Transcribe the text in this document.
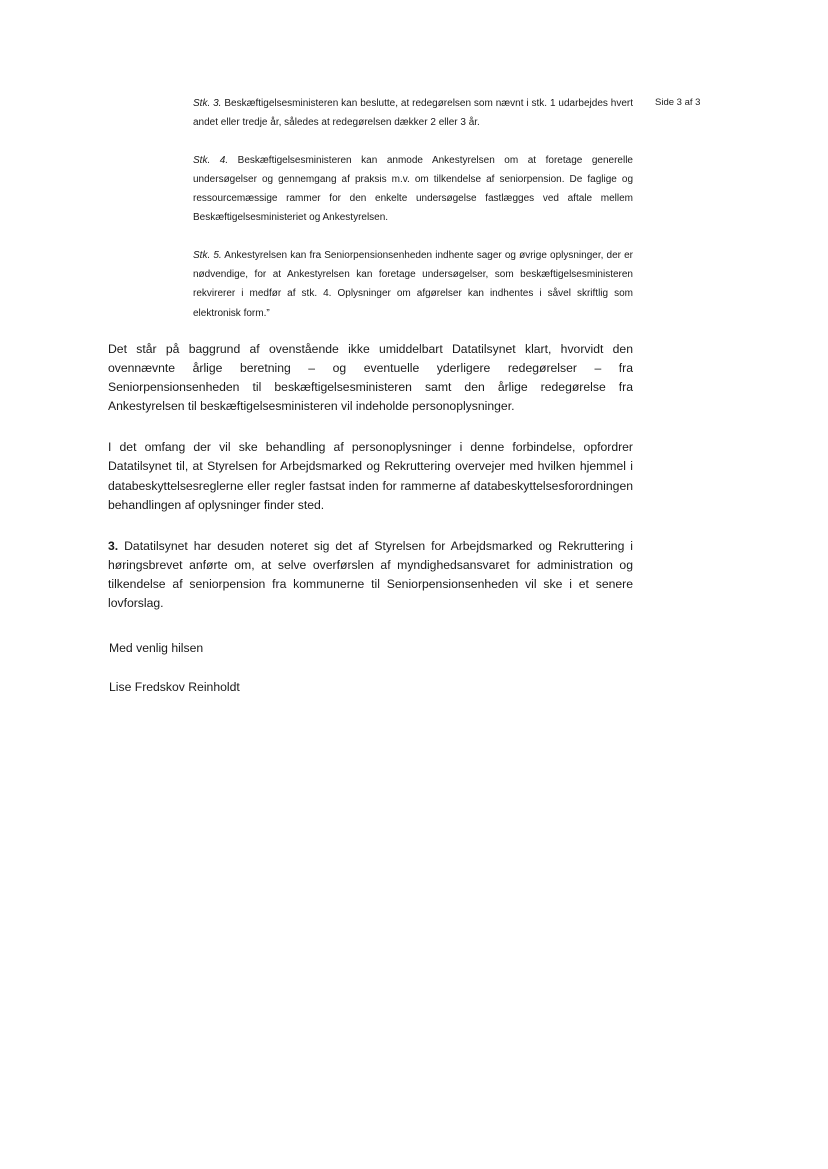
Side 3 af 3

Stk. 3. Beskæftigelsesministeren kan beslutte, at redegørelsen som nævnt i stk. 1 udarbejdes hvert andet eller tredje år, således at redegørelsen dækker 2 eller 3 år.

Stk. 4. Beskæftigelsesministeren kan anmode Ankestyrelsen om at foretage generelle undersøgelser og gennemgang af praksis m.v. om tilkendelse af seniorpension. De faglige og ressourcemæssige rammer for den enkelte undersøgelse fastlægges ved aftale mellem Beskæftigelsesministeriet og Ankestyrelsen.

Stk. 5. Ankestyrelsen kan fra Seniorpensionsenheden indhente sager og øvrige oplysninger, der er nødvendige, for at Ankestyrelsen kan foretage undersøgelser, som beskæftigelsesministeren rekvirerer i medfør af stk. 4. Oplysninger om afgørelser kan indhentes i såvel skriftlig som elektronisk form.”

Det står på baggrund af ovenstående ikke umiddelbart Datatilsynet klart, hvorvidt den ovennævnte årlige beretning – og eventuelle yderligere redegørelser – fra Seniorpensionsenheden til beskæftigelsesministeren samt den årlige redegørelse fra Ankestyrelsen til beskæftigelsesministeren vil indeholde personoplysninger.

I det omfang der vil ske behandling af personoplysninger i denne forbindelse, opfordrer Datatilsynet til, at Styrelsen for Arbejdsmarked og Rekruttering overvejer med hvilken hjemmel i databeskyttelsesreglerne eller regler fastsat inden for rammerne af databeskyttelsesforordningen behandlingen af oplysninger finder sted.

3. Datatilsynet har desuden noteret sig det af Styrelsen for Arbejdsmarked og Rekruttering i høringsbrevet anførte om, at selve overførslen af myndighedsansvaret for administration og tilkendelse af seniorpension fra kommunerne til Seniorpensionsenheden vil ske i et senere lovforslag.

Med venlig hilsen
Lise Fredskov Reinholdt
